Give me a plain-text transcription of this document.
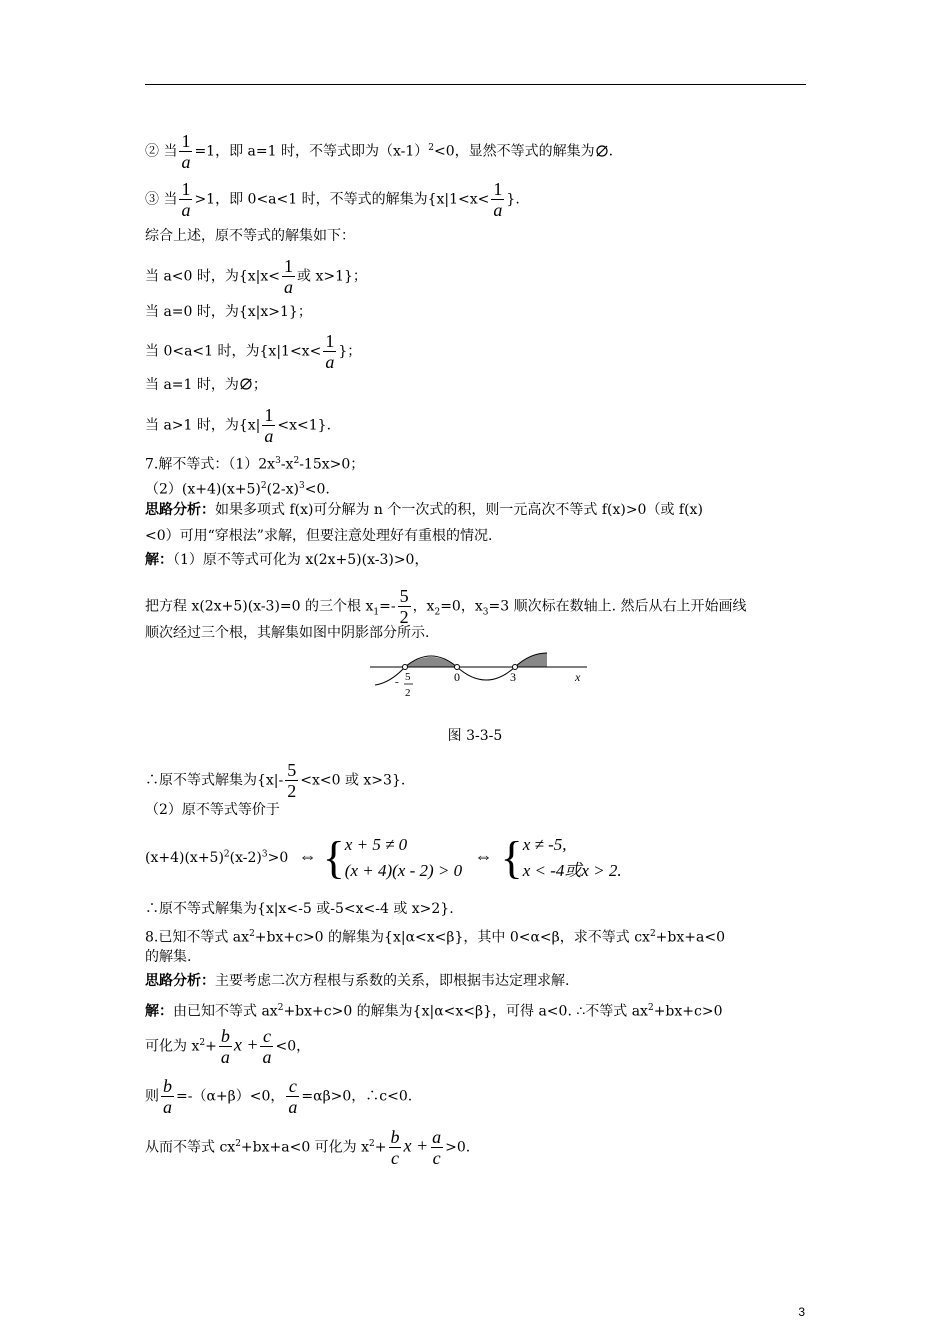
② 当 $\frac{1}{a} =1$，即 a=1 时，不等式即为$(x-1)^2<0$，显然不等式的解集为 .
③ 当 $\frac{1}{a} >1$，即 0<a<1 时，不等式的解集为{$x|1<x< \frac{1}{a}$ }.
综合上述，原不等式的解集如下：
当 a<0 时，为{$x|x< \frac{1}{a}$ 或 x>1}；
当 a=0 时，为{x|x>1}；
当 0<a<1 时，为{$x|1<x< \frac{1}{a}$ }；
当 a=1 时，为 ；
当 a>1 时，为$\{x| \frac{1}{a} <x<1\}$.
7.解不等式：$(1)2x^3-x^2-15x>0$；
$(2)(x+4)(x+5)^2(2-x)^3<0$.
思路分析：如果多项式 f(x)可分解为 n 个一次式的积，则一元高次不等式 f(x)>0（或 f(x)
<0）可用“穿根法”求解，但要注意处理好有重根的情况.
解：（1）原不等式可化为 x(2x+5)(x-3)>0，
把方程 x(2x+5)(x-3)=0 的三个根 $x_1=- \frac{5}{2}$ ，$x_2=0$，$x_3=3$ 顺次标在数轴上. 然后从右上开始画线
顺次经过三个根，其解集如图中阴影部分所示.
- 5
2
0	3	x
图 3-3-5
∴原不等式解集为{$x|- \frac{5}{2} <x<0$ 或 x>3}.
（2）原不等式等价于
$(x+4)(x+5)^2(x-2)^3>0$ ⇔ {x + 5 ≠ 0
(x + 4)(x - 2) > 0 ⇔ {x ≠ -5,
x < -4或x > 2.
∴原不等式解集为{x|x<-5 或-5<x<-4 或 x>2}.
8.已知不等式 $ax^2+bx+c>0$ 的解集为{x|α<x<β}，其中 0<α<β，求不等式 $cx^2+bx+a<0$
的解集.
思路分析：主要考虑二次方程根与系数的关系，即根据韦达定理求解.
解：由已知不等式 $ax^2+bx+c>0$ 的解集为{x|α<x<β}，可得 a<0. ∴不等式 $ax^2+bx+c>0$
可化为 $x^2+ \frac{b}{a}$ $x + \frac{c}{a} <0$，
则 $\frac{b}{a} =-(\alpha+\beta)<0$， $\frac{c}{a} =\alpha\beta>0$，∴c<0.
从而不等式 $cx^2+bx+a<0$ 可化为 $x^2+ \frac{b}{c}$ $x + \frac{a}{c} >0$.
3
